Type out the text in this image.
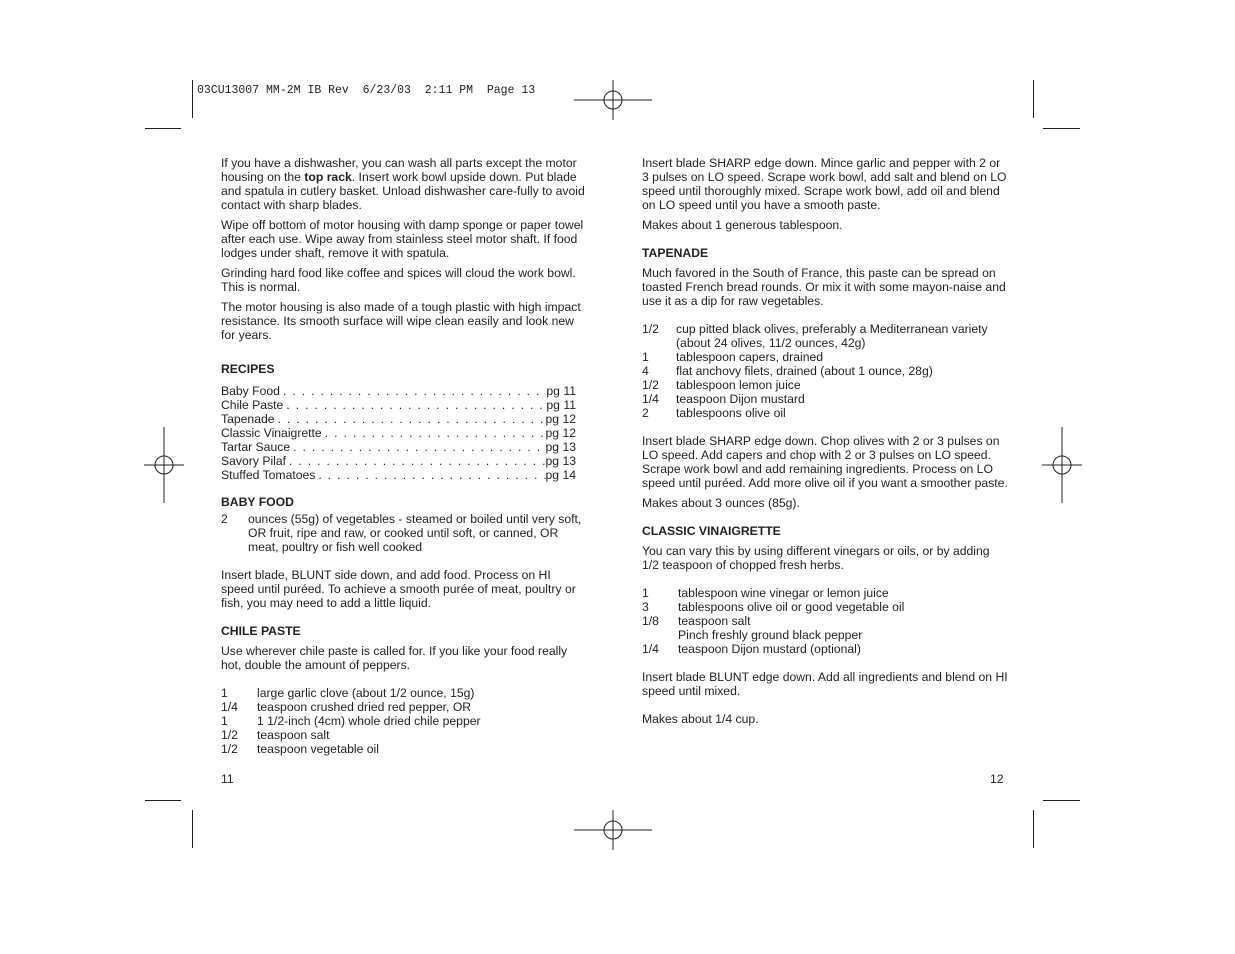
03CU13007 MM-2M IB Rev  6/23/03  2:11 PM  Page 13

If you have a dishwasher, you can wash all parts except the motor housing on the top rack. Insert work bowl upside down. Put blade and spatula in cutlery basket. Unload dishwasher care-fully to avoid contact with sharp blades.

Wipe off bottom of motor housing with damp sponge or paper towel after each use. Wipe away from stainless steel motor shaft. If food lodges under shaft, remove it with spatula.

Grinding hard food like coffee and spices will cloud the work bowl. This is normal.

The motor housing is also made of a tough plastic with high impact resistance. Its smooth surface will wipe clean easily and look new for years.

RECIPES
Baby Food . . .	pg 11
Chile Paste . . .	pg 11
Tapenade . . .	pg 12
Classic Vinaigrette . . .	pg 12
Tartar Sauce . . .	pg 13
Savory Pilaf . . .	pg 13
Stuffed Tomatoes . . .	pg 14
BABY FOOD
2	ounces (55g) of vegetables - steamed or boiled until very soft, OR fruit, ripe and raw, or cooked until soft, or canned, OR meat, poultry or fish well cooked

Insert blade, BLUNT side down, and add food. Process on HI speed until puréed. To achieve a smooth purée of meat, poultry or fish, you may need to add a little liquid.

CHILE PASTE

Use wherever chile paste is called for. If you like your food really hot, double the amount of peppers.

1	large garlic clove (about 1/2 ounce, 15g)
1/4	teaspoon crushed dried red pepper, OR
1	1 1/2-inch (4cm) whole dried chile pepper
1/2	teaspoon salt
1/2	teaspoon vegetable oil
11

Insert blade SHARP edge down. Mince garlic and pepper with 2 or 3 pulses on LO speed. Scrape work bowl, add salt and blend on LO speed until thoroughly mixed. Scrape work bowl, add oil and blend on LO speed until you have a smooth paste.

Makes about 1 generous tablespoon.

TAPENADE

Much favored in the South of France, this paste can be spread on toasted French bread rounds. Or mix it with some mayon-naise and use it as a dip for raw vegetables.

1/2	cup pitted black olives, preferably a Mediterranean variety (about 24 olives, 11/2 ounces, 42g)
1	tablespoon capers, drained
4	flat anchovy filets, drained (about 1 ounce, 28g)
1/2	tablespoon lemon juice
1/4	teaspoon Dijon mustard
2	tablespoons olive oil

Insert blade SHARP edge down. Chop olives with 2 or 3 pulses on LO speed. Add capers and chop with 2 or 3 pulses on LO speed. Scrape work bowl and add remaining ingredients. Process on LO speed until puréed. Add more olive oil if you want a smoother paste.

Makes about 3 ounces (85g).

CLASSIC VINAIGRETTE

You can vary this by using different vinegars or oils, or by adding 1/2 teaspoon of chopped fresh herbs.

1	tablespoon wine vinegar or lemon juice
3	tablespoons olive oil or good vegetable oil
1/8	teaspoon salt
Pinch freshly ground black pepper
1/4	teaspoon Dijon mustard (optional)

Insert blade BLUNT edge down. Add all ingredients and blend on HI speed until mixed.

Makes about 1/4 cup.

12
